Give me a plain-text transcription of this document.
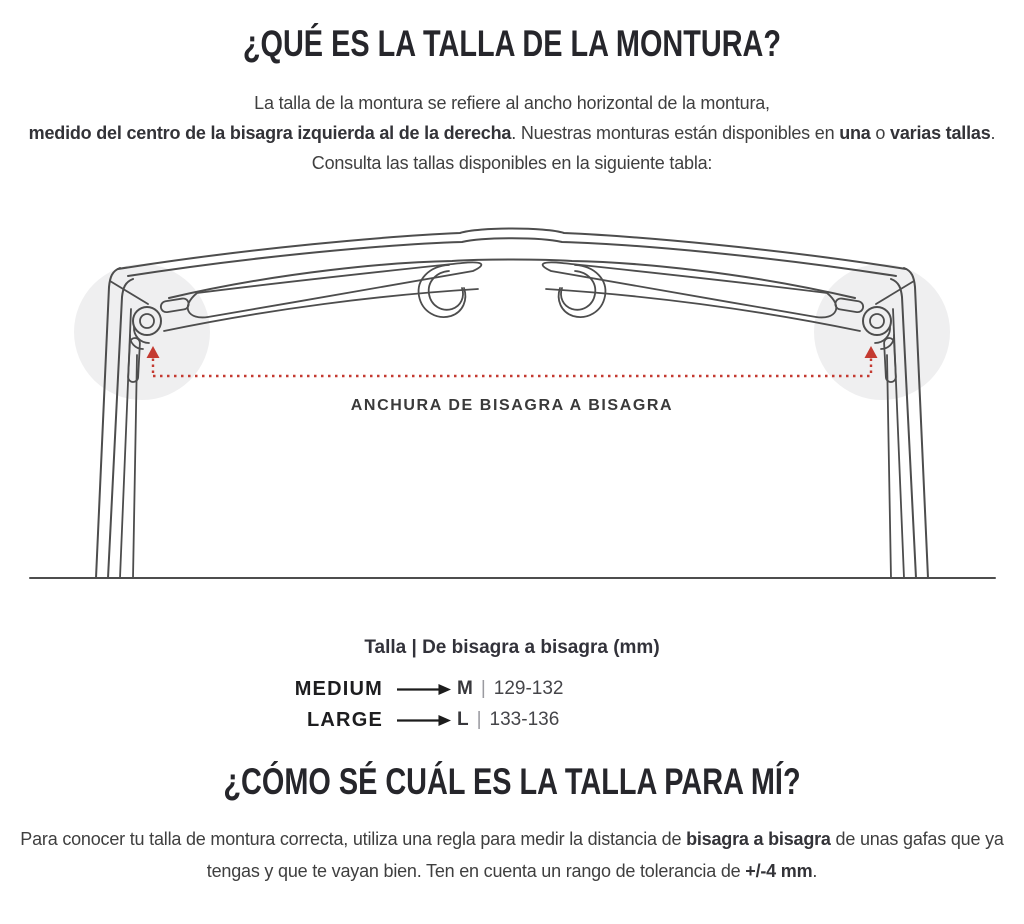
¿QUÉ ES LA TALLA DE LA MONTURA?
La talla de la montura se refiere al ancho horizontal de la montura,
medido del centro de la bisagra izquierda al de la derecha. Nuestras monturas están disponibles en una o varias tallas.
Consulta las tallas disponibles en la siguiente tabla:
ANCHURA DE BISAGRA A BISAGRA
Talla | De bisagra a bisagra (mm)
MEDIUM	M | 129-132
LARGE	L | 133-136
¿CÓMO SÉ CUÁL ES LA TALLA PARA MÍ?
Para conocer tu talla de montura correcta, utiliza una regla para medir la distancia de bisagra a bisagra de unas gafas que ya
tengas y que te vayan bien. Ten en cuenta un rango de tolerancia de +/-4 mm.
